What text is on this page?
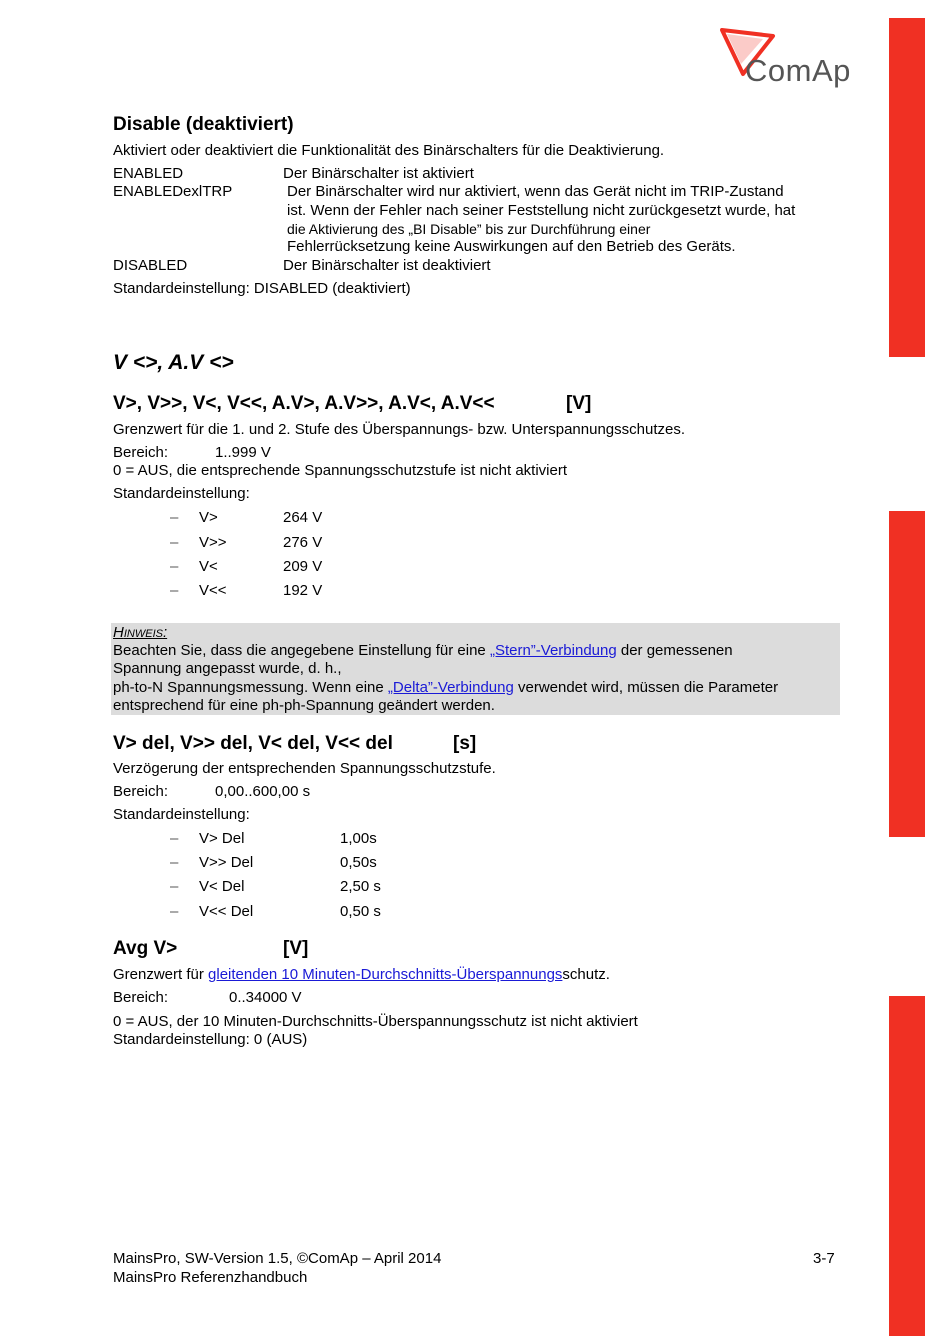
ComAp
Disable (deaktiviert)
Aktiviert oder deaktiviert die Funktionalität des Binärschalters für die Deaktivierung.
ENABLED	Der Binärschalter ist aktiviert
ENABLEDexlTRP	Der Binärschalter wird nur aktiviert, wenn das Gerät nicht im TRIP-Zustand
ist. Wenn der Fehler nach seiner Feststellung nicht zurückgesetzt wurde, hat
die Aktivierung des „BI Disable” bis zur Durchführung einer
Fehlerrücksetzung keine Auswirkungen auf den Betrieb des Geräts.
DISABLED	Der Binärschalter ist deaktiviert
Standardeinstellung: DISABLED (deaktiviert)
V <>, A.V <>
V>, V>>, V<, V<<, A.V>, A.V>>, A.V<, A.V<<	[V]
Grenzwert für die 1. und 2. Stufe des Überspannungs- bzw. Unterspannungsschutzes.
Bereich:	1..999 V
0 = AUS, die entsprechende Spannungsschutzstufe ist nicht aktiviert
Standardeinstellung:
– V>	264 V
– V>>	276 V
– V<	209 V
– V<<	192 V
HINWEIS:
Beachten Sie, dass die angegebene Einstellung für eine „Stern”-Verbindung der gemessenen
Spannung angepasst wurde, d. h.,
ph-to-N Spannungsmessung. Wenn eine „Delta”-Verbindung verwendet wird, müssen die Parameter
entsprechend für eine ph-ph-Spannung geändert werden.
V> del, V>> del, V< del, V<< del	[s]
Verzögerung der entsprechenden Spannungsschutzstufe.
Bereich:	0,00..600,00 s
Standardeinstellung:
– V> Del	1,00s
– V>> Del	0,50s
– V< Del	2,50 s
– V<< Del	0,50 s
Avg V>	[V]
Grenzwert für gleitenden 10 Minuten-Durchschnitts-Überspannungsschutz.
Bereich:	0..34000 V
0 = AUS, der 10 Minuten-Durchschnitts-Überspannungsschutz ist nicht aktiviert
Standardeinstellung: 0 (AUS)
MainsPro, SW-Version 1.5, ©ComAp – April 2014
MainsPro Referenzhandbuch
3-7
